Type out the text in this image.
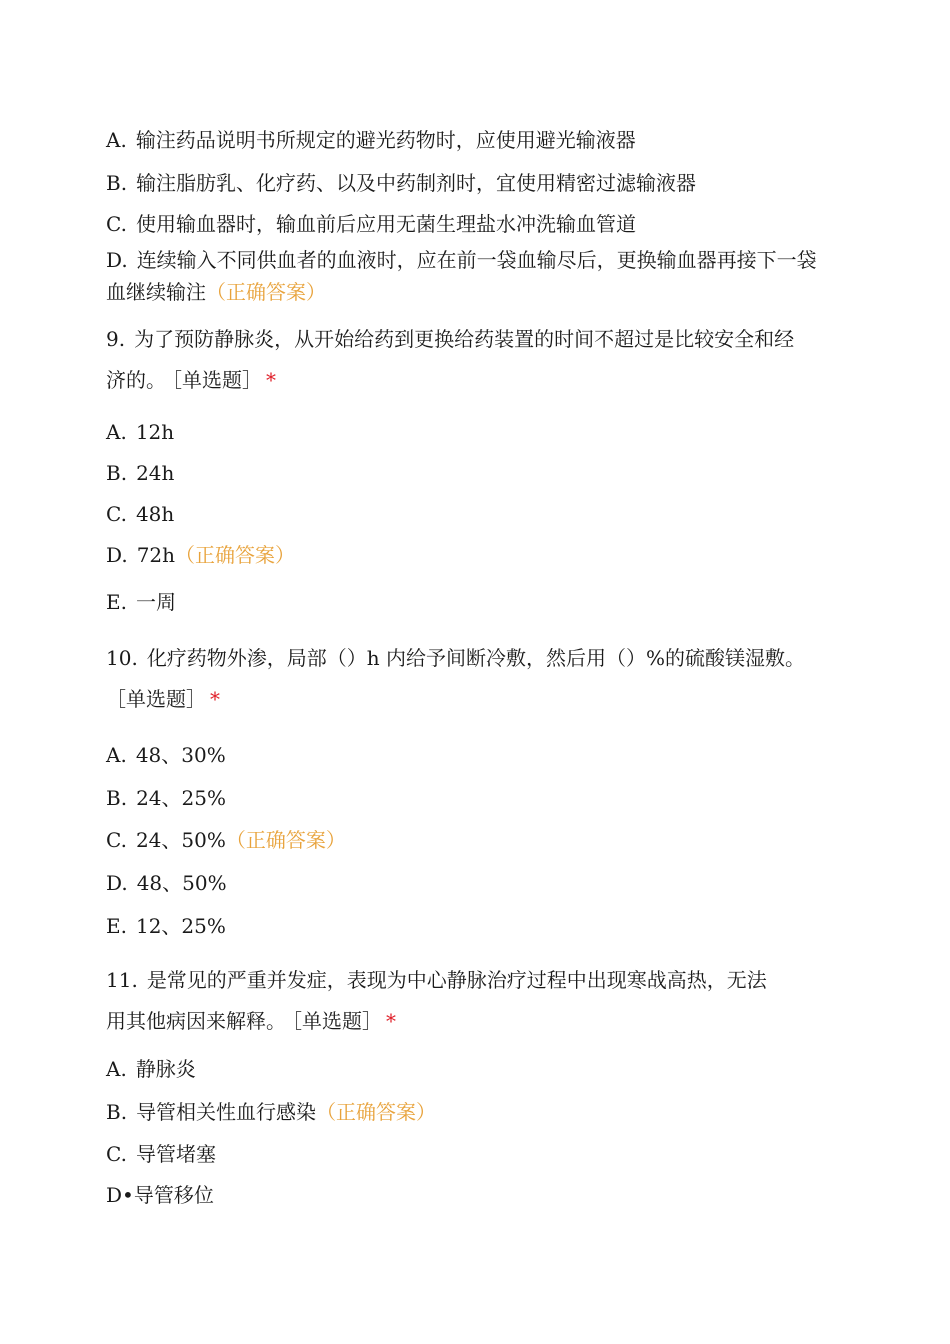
A. 输注药品说明书所规定的避光药物时，应使用避光输液器
B. 输注脂肪乳、化疗药、以及中药制剂时，宜使用精密过滤输液器
C. 使用输血器时，输血前后应用无菌生理盐水冲洗输血管道
D. 连续输入不同供血者的血液时，应在前一袋血输尽后，更换输血器再接下一袋
血继续输注（正确答案）
9. 为了预防静脉炎，从开始给药到更换给药装置的时间不超过是比较安全和经
济的。 ［单选题］ *
A. 12h
B. 24h
C. 48h
D. 72h（正确答案）
E. 一周
10. 化疗药物外渗，局部（）h 内给予间断冷敷，然后用（）%的硫酸镁湿敷。
［单选题］ *
A. 48、30%
B. 24、25%
C. 24、50%（正确答案）
D. 48、50%
E. 12、25%
11. 是常见的严重并发症，表现为中心静脉治疗过程中出现寒战高热，无法
用其他病因来解释。 ［单选题］ *
A. 静脉炎
B. 导管相关性血行感染（正确答案）
C. 导管堵塞
D•导管移位
